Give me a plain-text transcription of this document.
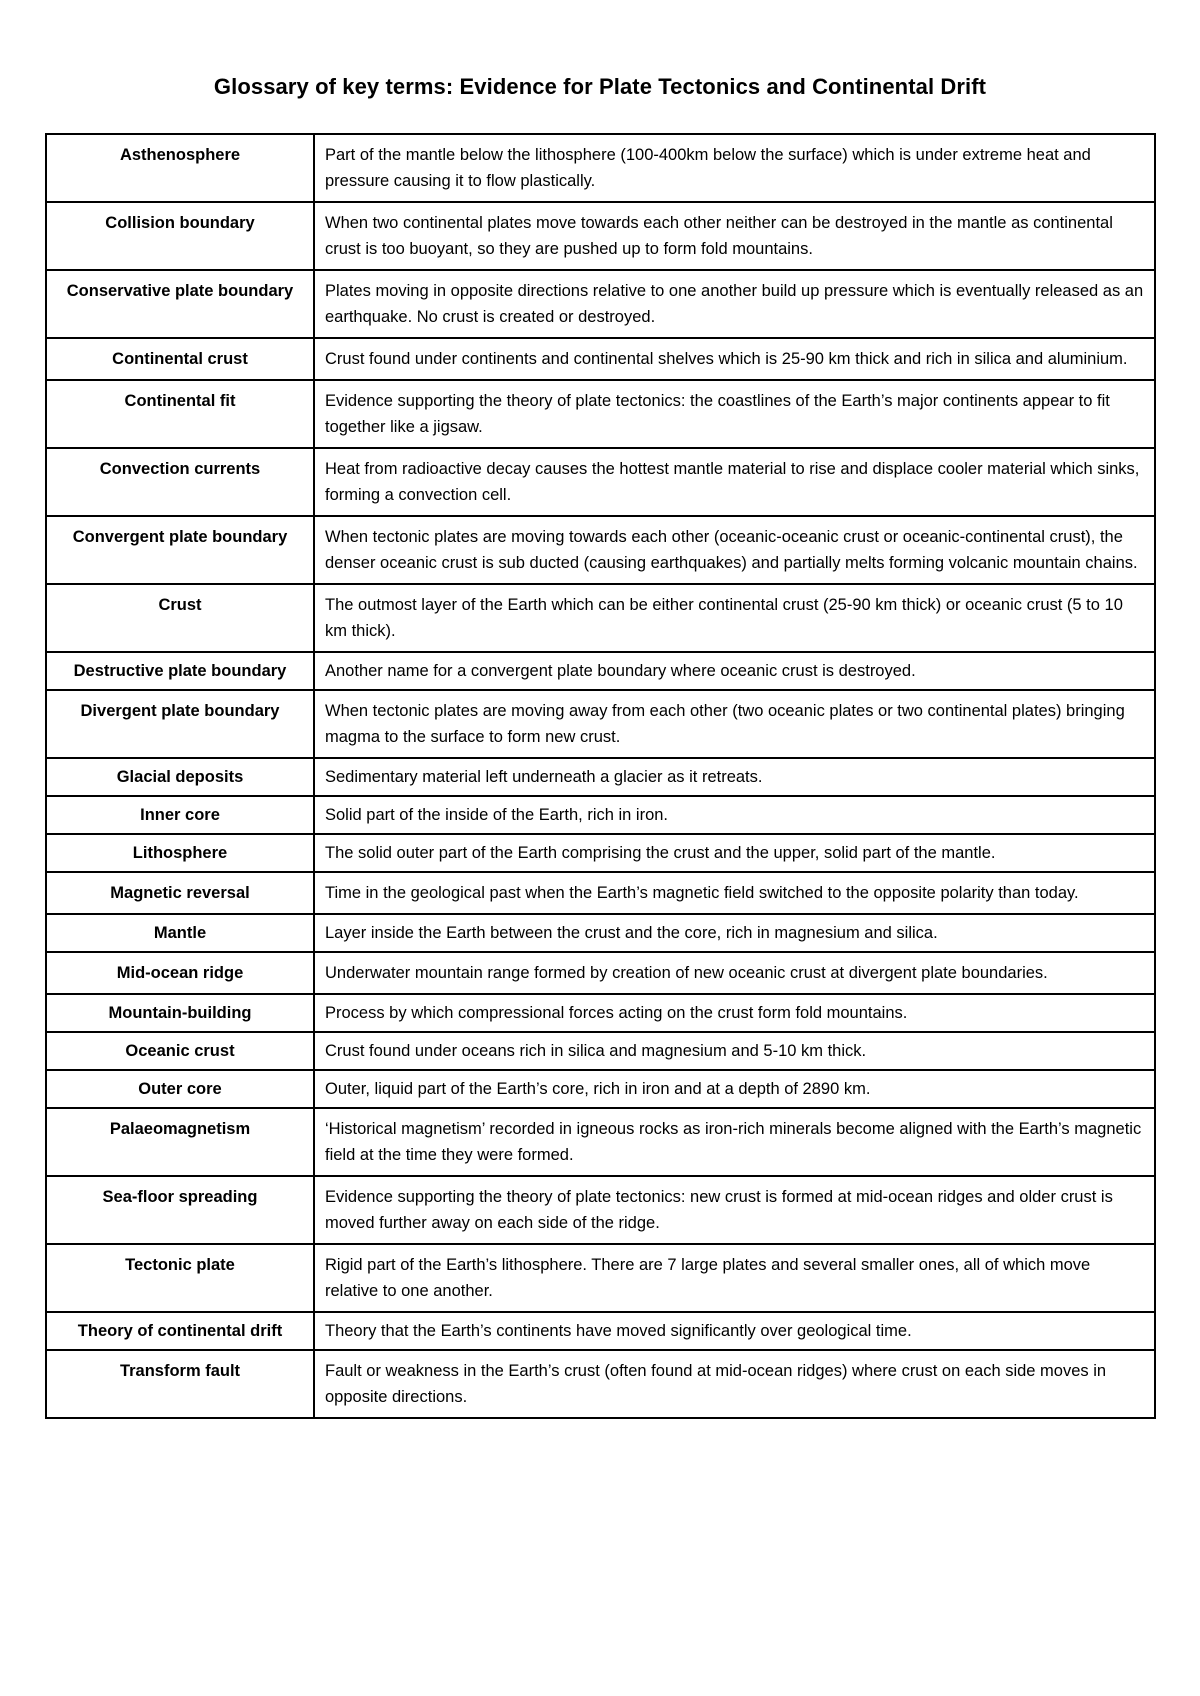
Glossary of key terms: Evidence for Plate Tectonics and Continental Drift
Asthenosphere	Part of the mantle below the lithosphere (100-400km below the surface) which is under extreme heat and pressure causing it to flow plastically.
Collision boundary	When two continental plates move towards each other neither can be destroyed in the mantle as continental crust is too buoyant, so they are pushed up to form fold mountains.
Conservative plate boundary	Plates moving in opposite directions relative to one another build up pressure which is eventually released as an earthquake. No crust is created or destroyed.
Continental crust	Crust found under continents and continental shelves which is 25-90 km thick and rich in silica and aluminium.
Continental fit	Evidence supporting the theory of plate tectonics: the coastlines of the Earth’s major continents appear to fit together like a jigsaw.
Convection currents	Heat from radioactive decay causes the hottest mantle material to rise and displace cooler material which sinks, forming a convection cell.
Convergent plate boundary	When tectonic plates are moving towards each other (oceanic-oceanic crust or oceanic-continental crust), the denser oceanic crust is sub ducted (causing earthquakes) and partially melts forming volcanic mountain chains.
Crust	The outmost layer of the Earth which can be either continental crust (25-90 km thick) or oceanic crust (5 to 10 km thick).
Destructive plate boundary	Another name for a convergent plate boundary where oceanic crust is destroyed.
Divergent plate boundary	When tectonic plates are moving away from each other (two oceanic plates or two continental plates) bringing magma to the surface to form new crust.
Glacial deposits	Sedimentary material left underneath a glacier as it retreats.
Inner core	Solid part of the inside of the Earth, rich in iron.
Lithosphere	The solid outer part of the Earth comprising the crust and the upper, solid part of the mantle.
Magnetic reversal	Time in the geological past when the Earth’s magnetic field switched to the opposite polarity than today.
Mantle	Layer inside the Earth between the crust and the core, rich in magnesium and silica.
Mid-ocean ridge	Underwater mountain range formed by creation of new oceanic crust at divergent plate boundaries.
Mountain-building	Process by which compressional forces acting on the crust form fold mountains.
Oceanic crust	Crust found under oceans rich in silica and magnesium and 5-10 km thick.
Outer core	Outer, liquid part of the Earth’s core, rich in iron and at a depth of 2890 km.
Palaeomagnetism	‘Historical magnetism’ recorded in igneous rocks as iron-rich minerals become aligned with the Earth’s magnetic field at the time they were formed.
Sea-floor spreading	Evidence supporting the theory of plate tectonics: new crust is formed at mid-ocean ridges and older crust is moved further away on each side of the ridge.
Tectonic plate	Rigid part of the Earth’s lithosphere. There are 7 large plates and several smaller ones, all of which move relative to one another.
Theory of continental drift	Theory that the Earth’s continents have moved significantly over geological time.
Transform fault	Fault or weakness in the Earth’s crust (often found at mid-ocean ridges) where crust on each side moves in opposite directions.
